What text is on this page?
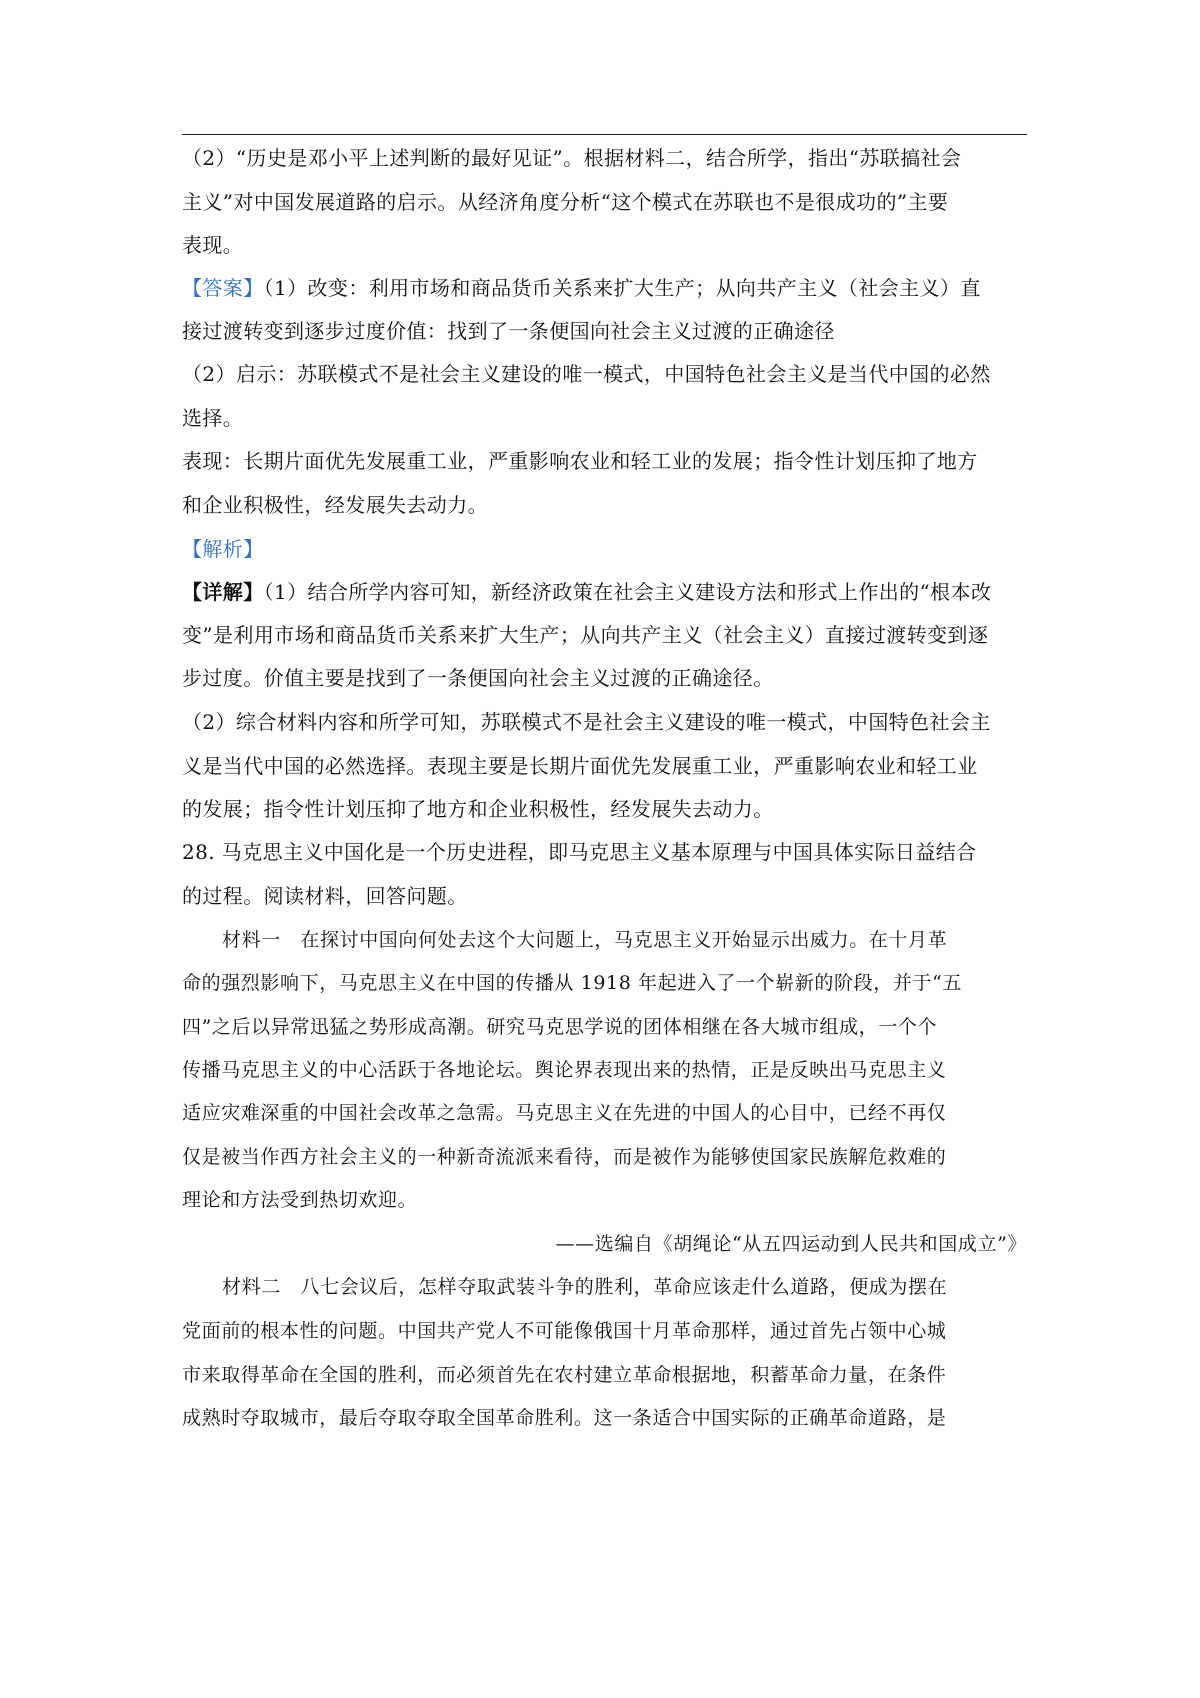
（2）“历史是邓小平上述判断的最好见证”。根据材料二，结合所学，指出“苏联搞社会
主义”对中国发展道路的启示。从经济角度分析“这个模式在苏联也不是很成功的”主要
表现。
【答案】（1）改变：利用市场和商品货币关系来扩大生产；从向共产主义（社会主义）直
接过渡转变到逐步过度价值：找到了一条便国向社会主义过渡的正确途径
（2）启示：苏联模式不是社会主义建设的唯一模式，中国特色社会主义是当代中国的必然
选择。
表现：长期片面优先发展重工业，严重影响农业和轻工业的发展；指令性计划压抑了地方
和企业积极性，经发展失去动力。
【解析】
【详解】（1）结合所学内容可知，新经济政策在社会主义建设方法和形式上作出的“根本改
变”是利用市场和商品货币关系来扩大生产；从向共产主义（社会主义）直接过渡转变到逐
步过度。价值主要是找到了一条便国向社会主义过渡的正确途径。
（2）综合材料内容和所学可知，苏联模式不是社会主义建设的唯一模式，中国特色社会主
义是当代中国的必然选择。表现主要是长期片面优先发展重工业，严重影响农业和轻工业
的发展；指令性计划压抑了地方和企业积极性，经发展失去动力。
28. 马克思主义中国化是一个历史进程，即马克思主义基本原理与中国具体实际日益结合
的过程。阅读材料，回答问题。
材料一　在探讨中国向何处去这个大问题上，马克思主义开始显示出威力。在十月革
命的强烈影响下，马克思主义在中国的传播从 1918 年起进入了一个崭新的阶段，并于“五
四”之后以异常迅猛之势形成高潮。研究马克思学说的团体相继在各大城市组成，一个个
传播马克思主义的中心活跃于各地论坛。舆论界表现出来的热情，正是反映出马克思主义
适应灾难深重的中国社会改革之急需。马克思主义在先进的中国人的心目中，已经不再仅
仅是被当作西方社会主义的一种新奇流派来看待，而是被作为能够使国家民族解危救难的
理论和方法受到热切欢迎。
——选编自《胡绳论“从五四运动到人民共和国成立”》
材料二　八七会议后，怎样夺取武装斗争的胜利，革命应该走什么道路，便成为摆在
党面前的根本性的问题。中国共产党人不可能像俄国十月革命那样，通过首先占领中心城
市来取得革命在全国的胜利，而必须首先在农村建立革命根据地，积蓄革命力量，在条件
成熟时夺取城市，最后夺取夺取全国革命胜利。这一条适合中国实际的正确革命道路，是
